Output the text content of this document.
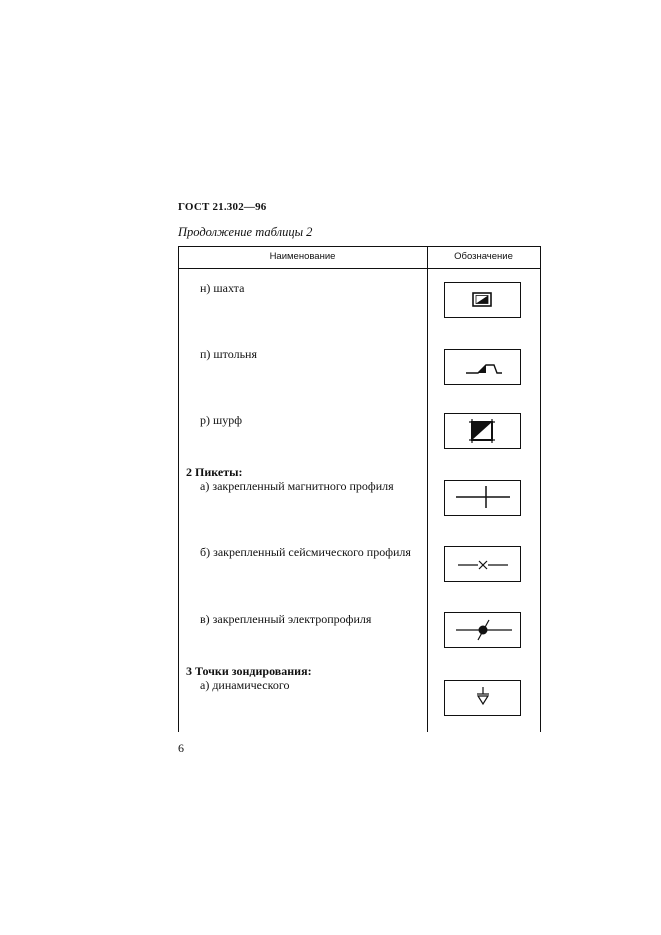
ГОСТ 21.302—96
Продолжение таблицы 2
Наименование	Обозначение
н) шахта
п) штольня
р) шурф
2 Пикеты:
а) закрепленный магнитного профиля
б) закрепленный сейсмического профиля
в) закрепленный электропрофиля
3 Точки зондирования:
а) динамического
6
